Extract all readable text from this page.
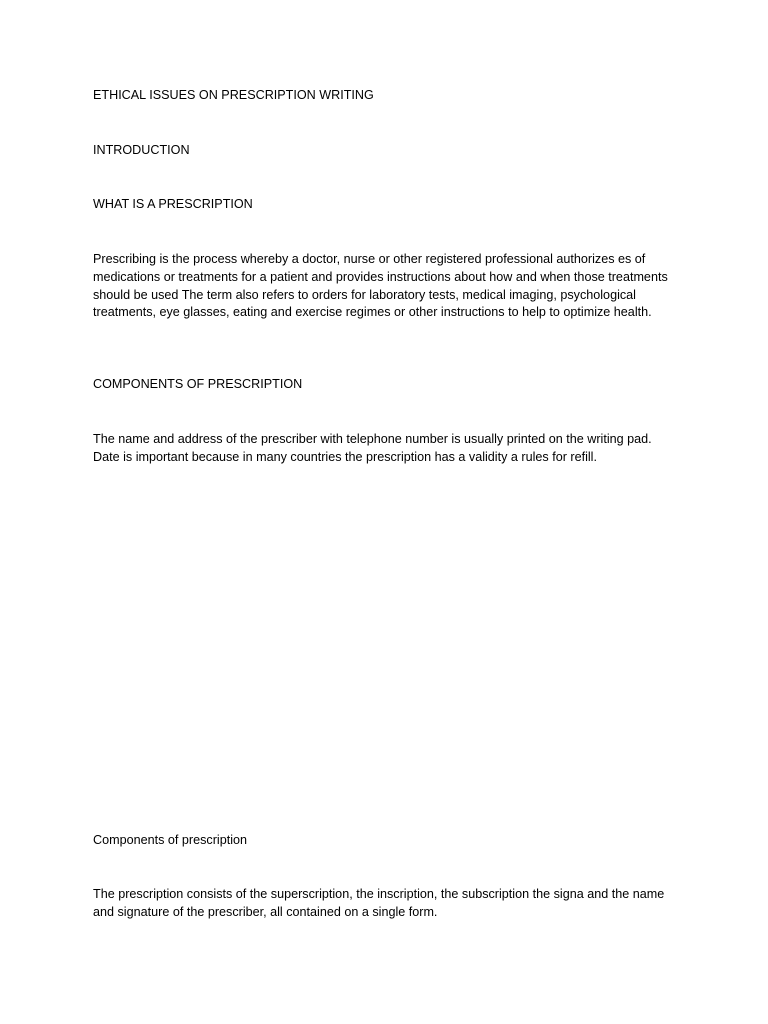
ETHICAL ISSUES ON PRESCRIPTION WRITING

INTRODUCTION

WHAT IS A PRESCRIPTION

Prescribing is the process whereby a doctor, nurse or other registered professional authorizes es of medications or treatments for a patient and provides instructions about how and when those treatments should be used The term also refers to orders for laboratory tests, medical imaging, psychological treatments, eye glasses, eating and exercise regimes or other instructions to help to optimize health.

COMPONENTS OF PRESCRIPTION

The name and address of the prescriber with telephone number is usually printed on the writing pad. Date is important because in many countries the prescription has a validity a rules for refill.

Components of prescription

The prescription consists of the superscription, the inscription, the subscription the signa and the name and signature of the prescriber, all contained on a single form.
